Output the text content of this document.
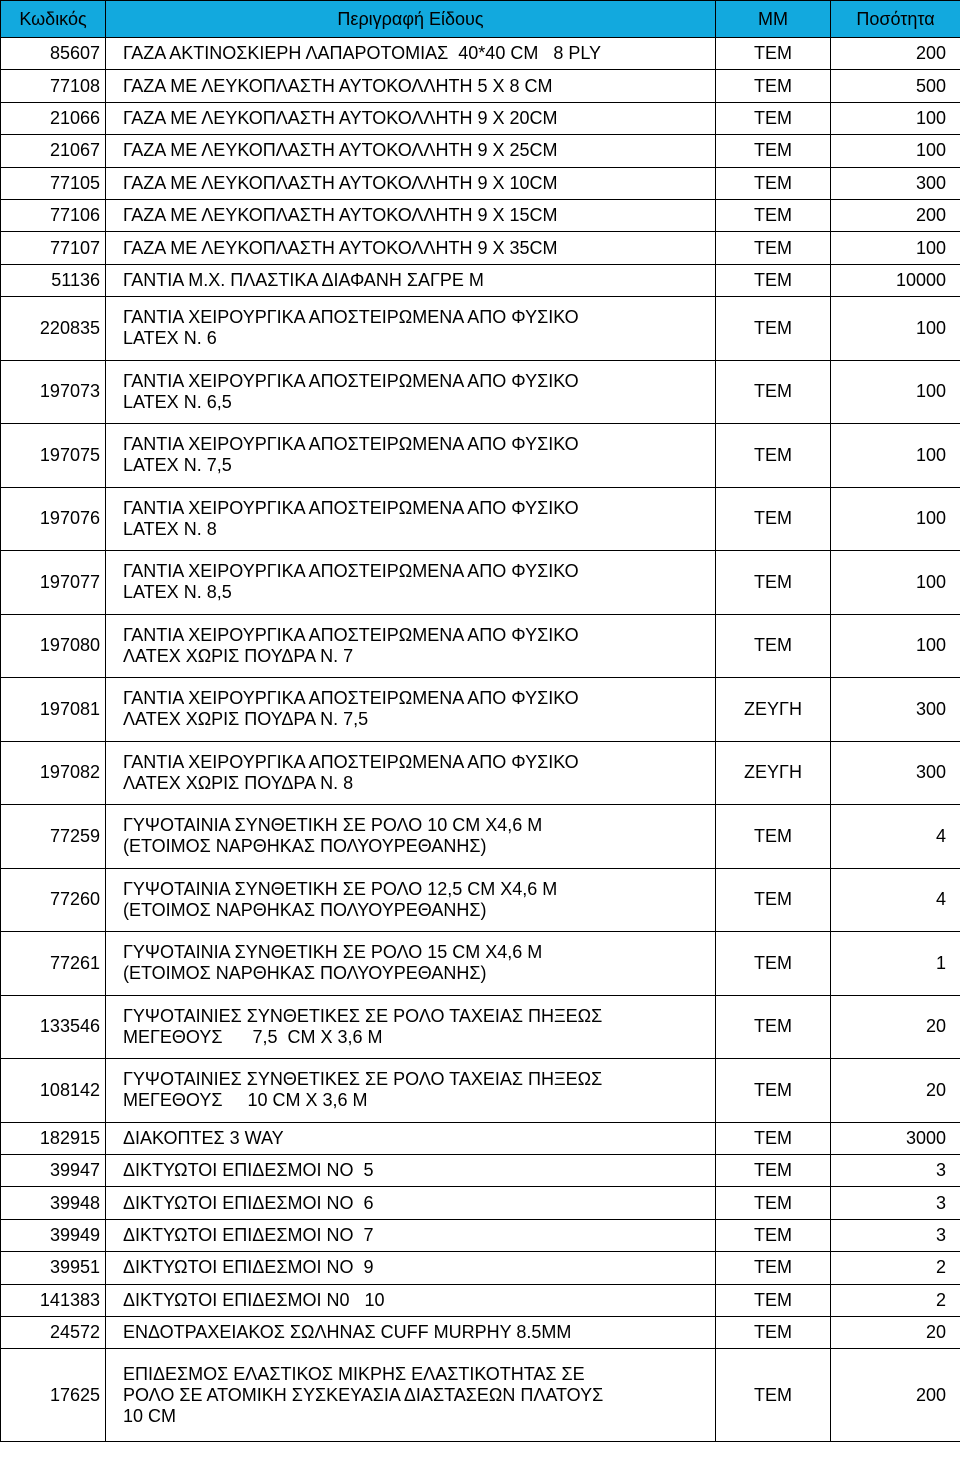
Κωδικός	Περιγραφή Είδους	ΜΜ	Ποσότητα
85607	ΓΑΖΑ ΑΚΤΙΝΟΣΚΙΕΡΗ ΛΑΠΑΡΟΤΟΜΙΑΣ  40*40 CM   8 PLY	TEM	200
77108	ΓΑΖΑ ΜΕ ΛΕΥΚΟΠΛΑΣΤΗ ΑΥΤΟΚΟΛΛΗΤΗ 5 Χ 8 CM	TEM	500
21066	ΓΑΖΑ ΜΕ ΛΕΥΚΟΠΛΑΣΤΗ ΑΥΤΟΚΟΛΛΗΤΗ 9 Χ 20CM	TEM	100
21067	ΓΑΖΑ ΜΕ ΛΕΥΚΟΠΛΑΣΤΗ ΑΥΤΟΚΟΛΛΗΤΗ 9 Χ 25CM	TEM	100
77105	ΓΑΖΑ ΜΕ ΛΕΥΚΟΠΛΑΣΤΗ ΑΥΤΟΚΟΛΛΗΤΗ 9 Χ 10CM	TEM	300
77106	ΓΑΖΑ ΜΕ ΛΕΥΚΟΠΛΑΣΤΗ ΑΥΤΟΚΟΛΛΗΤΗ 9 Χ 15CM	TEM	200
77107	ΓΑΖΑ ΜΕ ΛΕΥΚΟΠΛΑΣΤΗ ΑΥΤΟΚΟΛΛΗΤΗ 9 Χ 35CM	TEM	100
51136	ΓΑΝΤΙΑ Μ.Χ. ΠΛΑΣΤΙΚΑ ΔΙΑΦΑΝΗ ΣΑΓΡΕ Μ	TEM	10000
220835	ΓΑΝΤΙΑ ΧΕΙΡΟΥΡΓΙΚΑ ΑΠΟΣΤΕΙΡΩΜΕΝΑ ΑΠΟ ΦΥΣΙΚΟ
LATEX N. 6	TEM	100
197073	ΓΑΝΤΙΑ ΧΕΙΡΟΥΡΓΙΚΑ ΑΠΟΣΤΕΙΡΩΜΕΝΑ ΑΠΟ ΦΥΣΙΚΟ
LATEX N. 6,5	TEM	100
197075	ΓΑΝΤΙΑ ΧΕΙΡΟΥΡΓΙΚΑ ΑΠΟΣΤΕΙΡΩΜΕΝΑ ΑΠΟ ΦΥΣΙΚΟ
LATEX N. 7,5	TEM	100
197076	ΓΑΝΤΙΑ ΧΕΙΡΟΥΡΓΙΚΑ ΑΠΟΣΤΕΙΡΩΜΕΝΑ ΑΠΟ ΦΥΣΙΚΟ
LATEX N. 8	TEM	100
197077	ΓΑΝΤΙΑ ΧΕΙΡΟΥΡΓΙΚΑ ΑΠΟΣΤΕΙΡΩΜΕΝΑ ΑΠΟ ΦΥΣΙΚΟ
LATEX N. 8,5	TEM	100
197080	ΓΑΝΤΙΑ ΧΕΙΡΟΥΡΓΙΚΑ ΑΠΟΣΤΕΙΡΩΜΕΝΑ ΑΠΟ ΦΥΣΙΚΟ
ΛΑΤΕΧ ΧΩΡΙΣ ΠΟΥΔΡΑ Ν. 7	TEM	100
197081	ΓΑΝΤΙΑ ΧΕΙΡΟΥΡΓΙΚΑ ΑΠΟΣΤΕΙΡΩΜΕΝΑ ΑΠΟ ΦΥΣΙΚΟ
ΛΑΤΕΧ ΧΩΡΙΣ ΠΟΥΔΡΑ Ν. 7,5	ΖΕΥΓΗ	300
197082	ΓΑΝΤΙΑ ΧΕΙΡΟΥΡΓΙΚΑ ΑΠΟΣΤΕΙΡΩΜΕΝΑ ΑΠΟ ΦΥΣΙΚΟ
ΛΑΤΕΧ ΧΩΡΙΣ ΠΟΥΔΡΑ Ν. 8	ΖΕΥΓΗ	300
77259	ΓΥΨΟΤΑΙΝΙΑ ΣΥΝΘΕΤΙΚΗ ΣΕ ΡΟΛΟ 10 CM X4,6 M
(ΕΤΟΙΜΟΣ ΝΑΡΘΗΚΑΣ ΠΟΛΥΟΥΡΕΘΑΝΗΣ)	TEM	4
77260	ΓΥΨΟΤΑΙΝΙΑ ΣΥΝΘΕΤΙΚΗ ΣΕ ΡΟΛΟ 12,5 CM X4,6 M
(ΕΤΟΙΜΟΣ ΝΑΡΘΗΚΑΣ ΠΟΛΥΟΥΡΕΘΑΝΗΣ)	TEM	4
77261	ΓΥΨΟΤΑΙΝΙΑ ΣΥΝΘΕΤΙΚΗ ΣΕ ΡΟΛΟ 15 CM X4,6 M
(ΕΤΟΙΜΟΣ ΝΑΡΘΗΚΑΣ ΠΟΛΥΟΥΡΕΘΑΝΗΣ)	TEM	1
133546	ΓΥΨΟΤΑΙΝΙΕΣ ΣΥΝΘΕΤΙΚΕΣ ΣΕ ΡΟΛΟ ΤΑΧΕΙΑΣ ΠΗΞΕΩΣ
ΜΕΓΕΘΟΥΣ      7,5  CM X 3,6 M	TEM	20
108142	ΓΥΨΟΤΑΙΝΙΕΣ ΣΥΝΘΕΤΙΚΕΣ ΣΕ ΡΟΛΟ ΤΑΧΕΙΑΣ ΠΗΞΕΩΣ
ΜΕΓΕΘΟΥΣ     10 CM X 3,6 M	TEM	20
182915	ΔΙΑΚΟΠΤΕΣ 3 WAY	TEM	3000
39947	ΔΙΚΤΥΩΤΟΙ ΕΠΙΔΕΣΜΟΙ ΝΟ  5	TEM	3
39948	ΔΙΚΤΥΩΤΟΙ ΕΠΙΔΕΣΜΟΙ ΝΟ  6	TEM	3
39949	ΔΙΚΤΥΩΤΟΙ ΕΠΙΔΕΣΜΟΙ ΝΟ  7	TEM	3
39951	ΔΙΚΤΥΩΤΟΙ ΕΠΙΔΕΣΜΟΙ ΝΟ  9	TEM	2
141383	ΔΙΚΤΥΩΤΟΙ ΕΠΙΔΕΣΜΟΙ Ν0   10	TEM	2
24572	ΕΝΔΟΤΡΑΧΕΙΑΚΟΣ ΣΩΛΗΝΑΣ CUFF MURPHY 8.5MM	TEM	20
17625	ΕΠΙΔΕΣΜΟΣ ΕΛΑΣΤΙΚΟΣ ΜΙΚΡΗΣ ΕΛΑΣΤΙΚΟΤΗΤΑΣ ΣΕ
ΡΟΛΟ ΣΕ ΑΤΟΜΙΚΗ ΣΥΣΚΕΥΑΣΙΑ ΔΙΑΣΤΑΣΕΩΝ ΠΛΑΤΟΥΣ
10 CM	TEM	200
